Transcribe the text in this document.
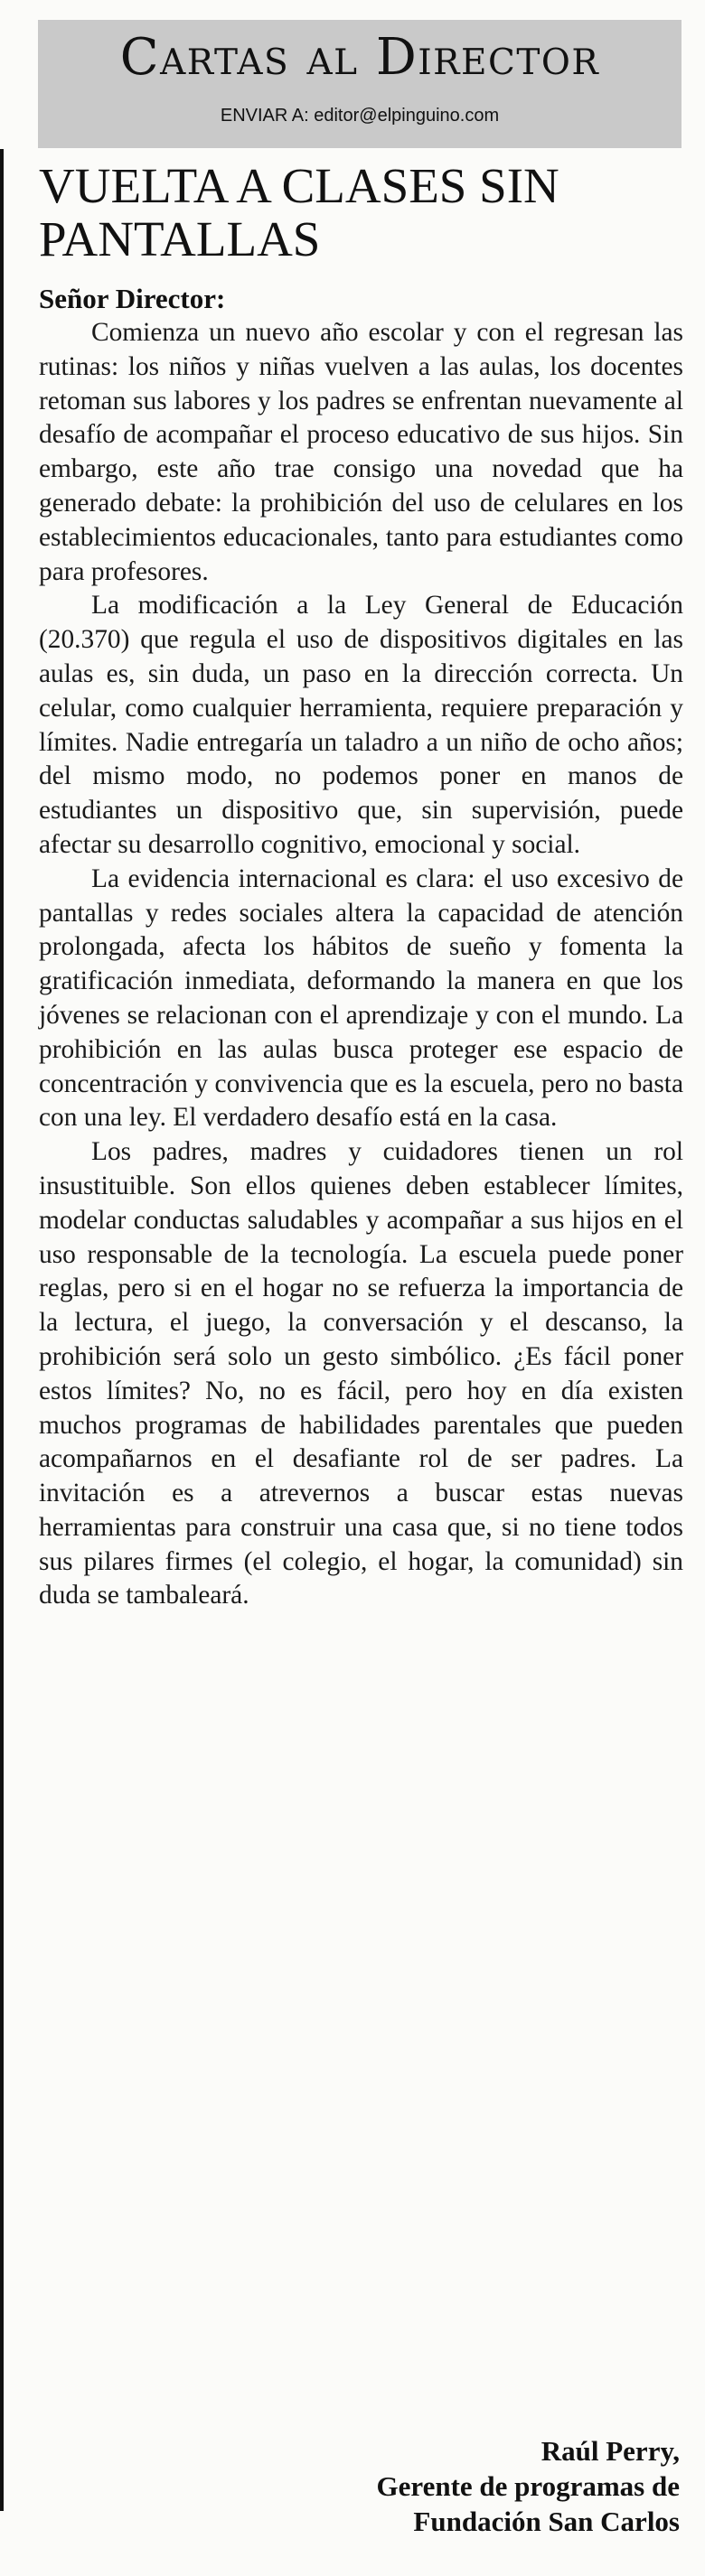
Cartas al Director
ENVIAR A: editor@elpinguino.com
VUELTA A CLASES SIN PANTALLAS
Señor Director:

Comienza un nuevo año escolar y con el regresan las rutinas: los niños y niñas vuelven a las aulas, los docentes retoman sus labores y los padres se enfrentan nuevamente al desafío de acompañar el proceso educativo de sus hijos. Sin embargo, este año trae consigo una novedad que ha generado debate: la prohibición del uso de celulares en los establecimientos educacionales, tanto para estudiantes como para profesores.

La modificación a la Ley General de Educación (20.370) que regula el uso de dispositivos digitales en las aulas es, sin duda, un paso en la dirección correcta. Un celular, como cualquier herramienta, requiere preparación y límites. Nadie entregaría un taladro a un niño de ocho años; del mismo modo, no podemos poner en manos de estudiantes un dispositivo que, sin supervisión, puede afectar su desarrollo cognitivo, emocional y social.

La evidencia internacional es clara: el uso excesivo de pantallas y redes sociales altera la capacidad de atención prolongada, afecta los hábitos de sueño y fomenta la gratificación inmediata, deformando la manera en que los jóvenes se relacionan con el aprendizaje y con el mundo. La prohibición en las aulas busca proteger ese espacio de concentración y convivencia que es la escuela, pero no basta con una ley. El verdadero desafío está en la casa.

Los padres, madres y cuidadores tienen un rol insustituible. Son ellos quienes deben establecer límites, modelar conductas saludables y acompañar a sus hijos en el uso responsable de la tecnología. La escuela puede poner reglas, pero si en el hogar no se refuerza la importancia de la lectura, el juego, la conversación y el descanso, la prohibición será solo un gesto simbólico. ¿Es fácil poner estos límites? No, no es fácil, pero hoy en día existen muchos programas de habilidades parentales que pueden acompañarnos en el desafiante rol de ser padres. La invitación es a atrevernos a buscar estas nuevas herramientas para construir una casa que, si no tiene todos sus pilares firmes (el colegio, el hogar, la comunidad) sin duda se tambaleará.

Raúl Perry,
Gerente de programas de
Fundación San Carlos
